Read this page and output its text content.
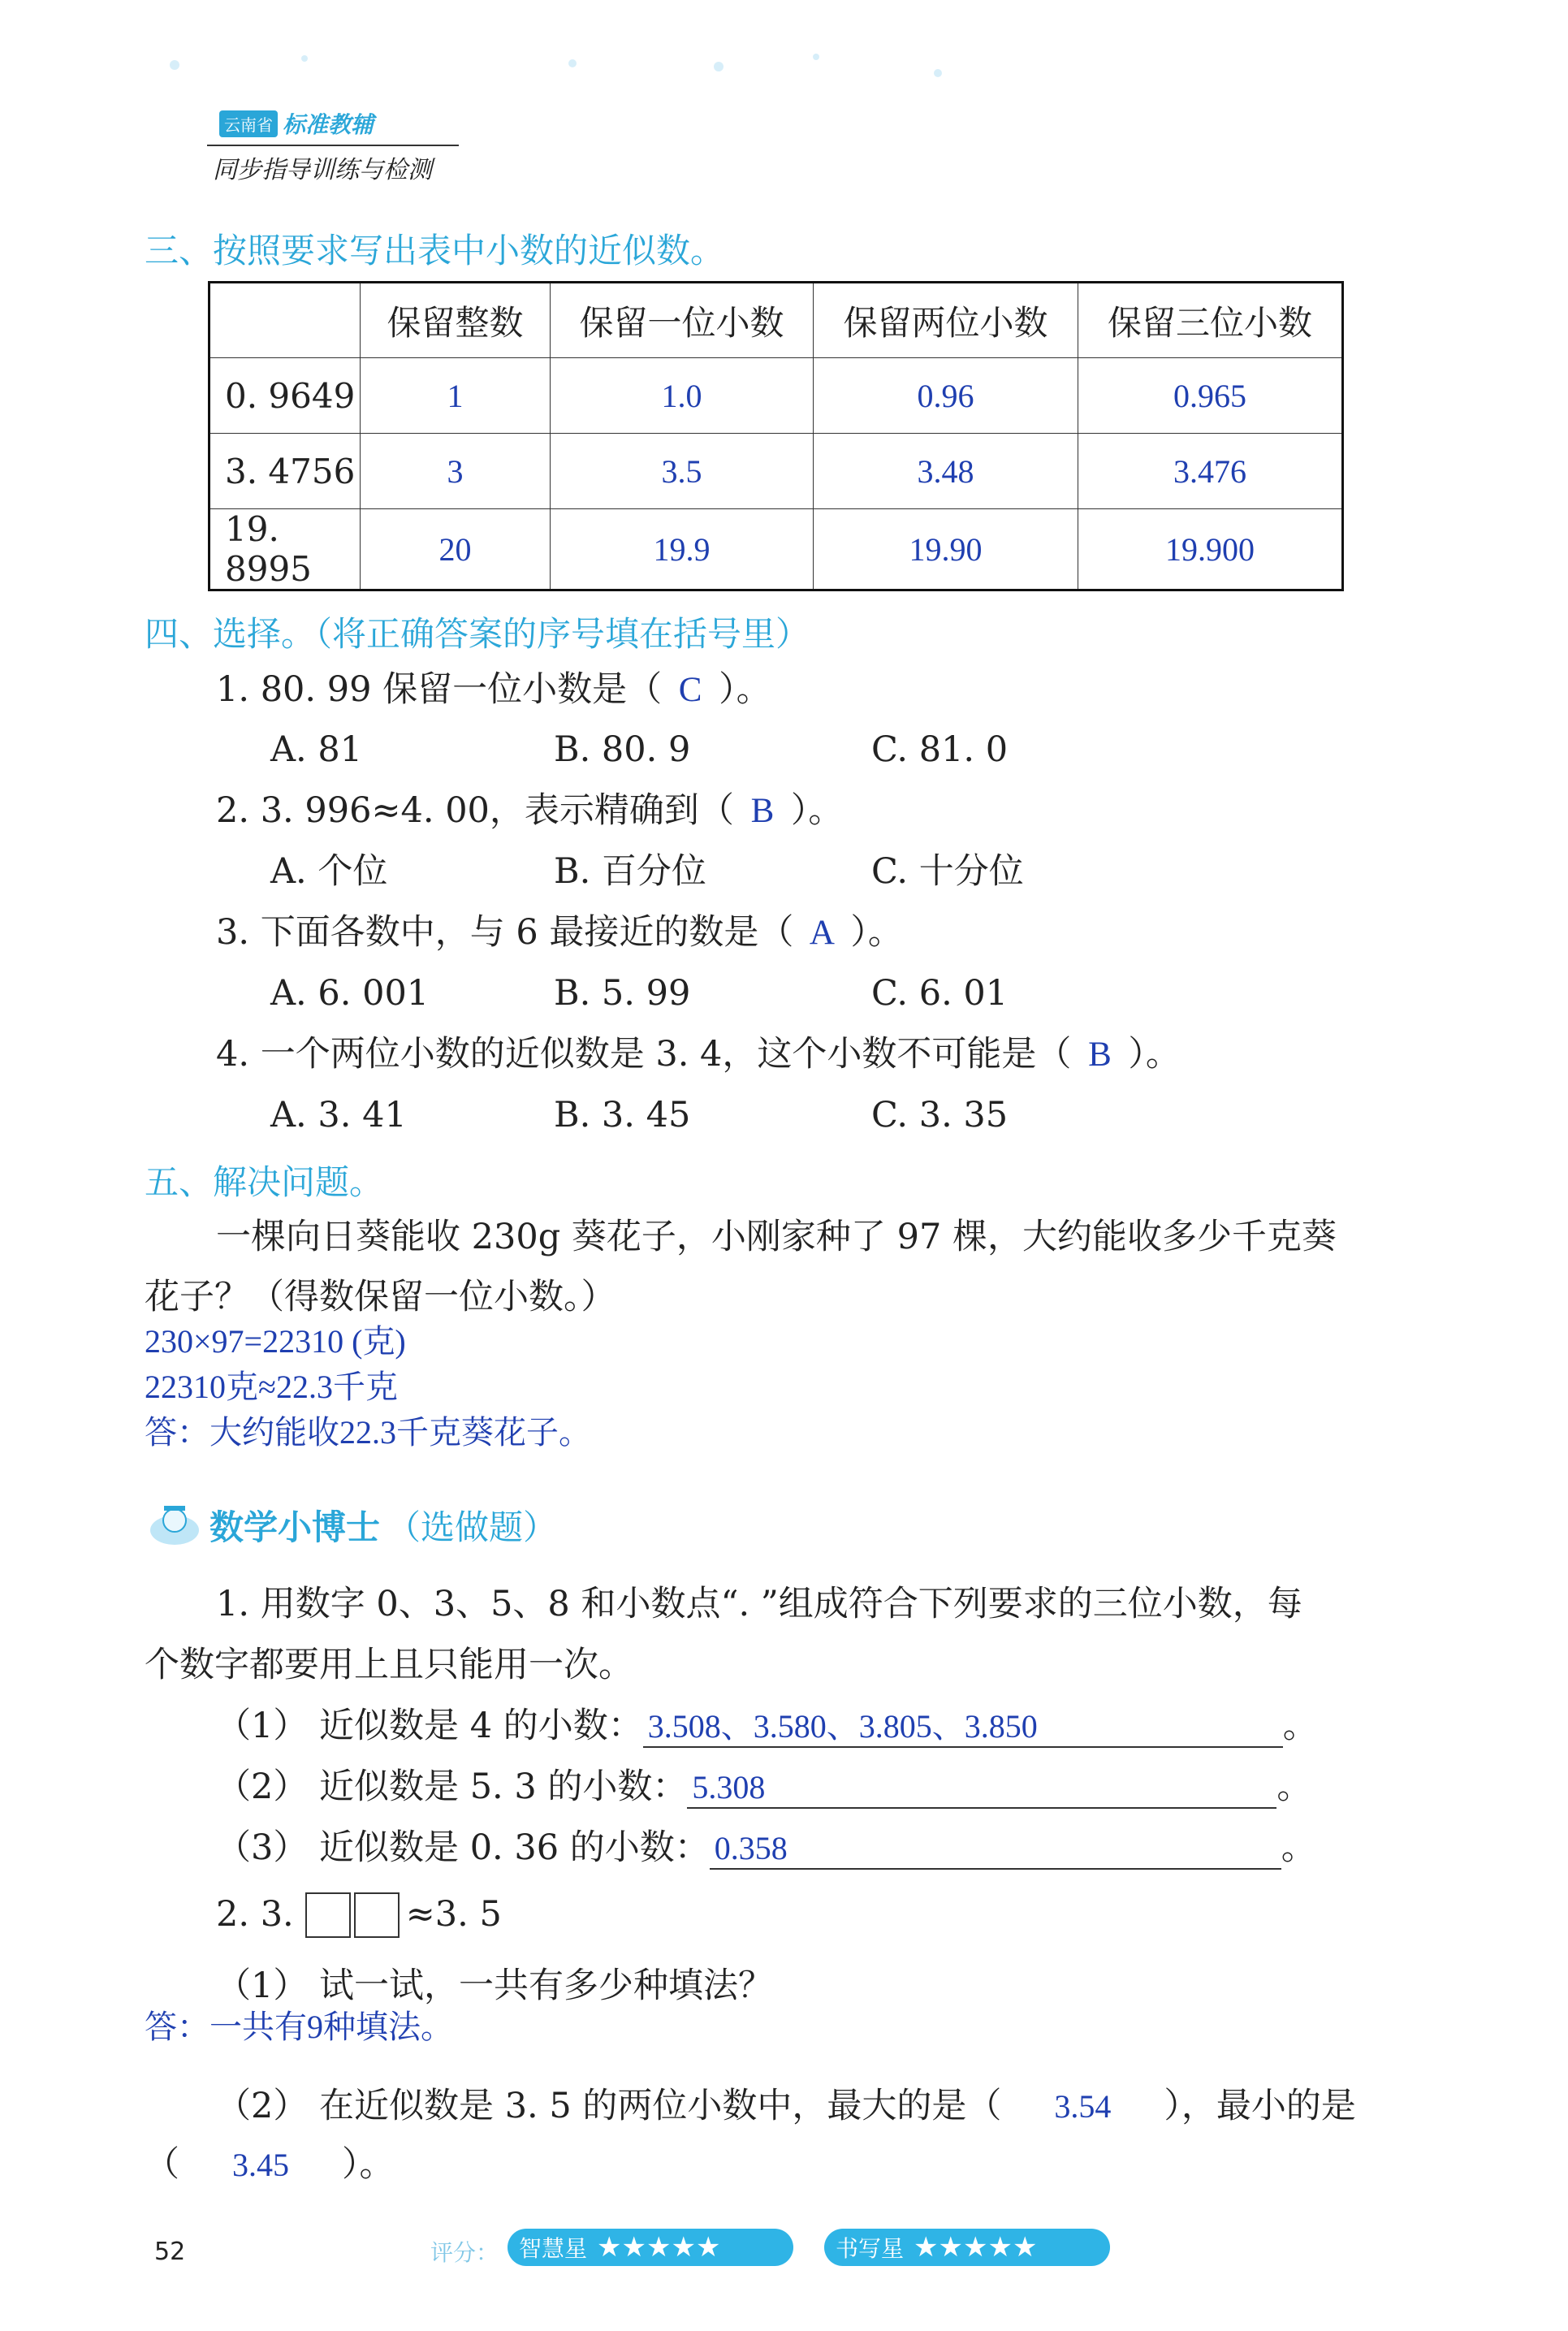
云南省 标准教辅
同步指导训练与检测
三、按照要求写出表中小数的近似数。
	保留整数	保留一位小数	保留两位小数	保留三位小数
0. 9649	1	1.0	0.96	0.965
3. 4756	3	3.5	3.48	3.476
19. 8995	20	19.9	19.90	19.900
四、选择。（将正确答案的序号填在括号里）
1. 80. 99 保留一位小数是（ C ）。
A. 81	B. 80. 9	C. 81. 0
2. 3. 996≈4. 00，表示精确到（ B ）。
A. 个位	B. 百分位	C. 十分位
3. 下面各数中，与 6 最接近的数是（ A ）。
A. 6. 001	B. 5. 99	C. 6. 01
4. 一个两位小数的近似数是 3. 4，这个小数不可能是（ B ）。
A. 3. 41	B. 3. 45	C. 3. 35
五、解决问题。
一棵向日葵能收 230g 葵花子，小刚家种了 97 棵，大约能收多少千克葵
花子？（得数保留一位小数。）
230×97=22310 (克)
22310克≈22.3千克
答：大约能收22.3千克葵花子。
数学小博士 （选做题）
1. 用数字 0、3、5、8 和小数点“. ”组成符合下列要求的三位小数，每
个数字都要用上且只能用一次。
（1） 近似数是 4 的小数： 3.508、3.580、3.805、3.850	。
（2） 近似数是 5. 3 的小数： 5.308	。
（3） 近似数是 0. 36 的小数： 0.358	。
2. 3.	≈3. 5
（1） 试一试，一共有多少种填法？
答：一共有9种填法。
（2） 在近似数是 3. 5 的两位小数中，最大的是（ 3.54 ），最小的是
（ 3.45 ）。
52	评分： 智慧星 ★★★★★	书写星 ★★★★★
